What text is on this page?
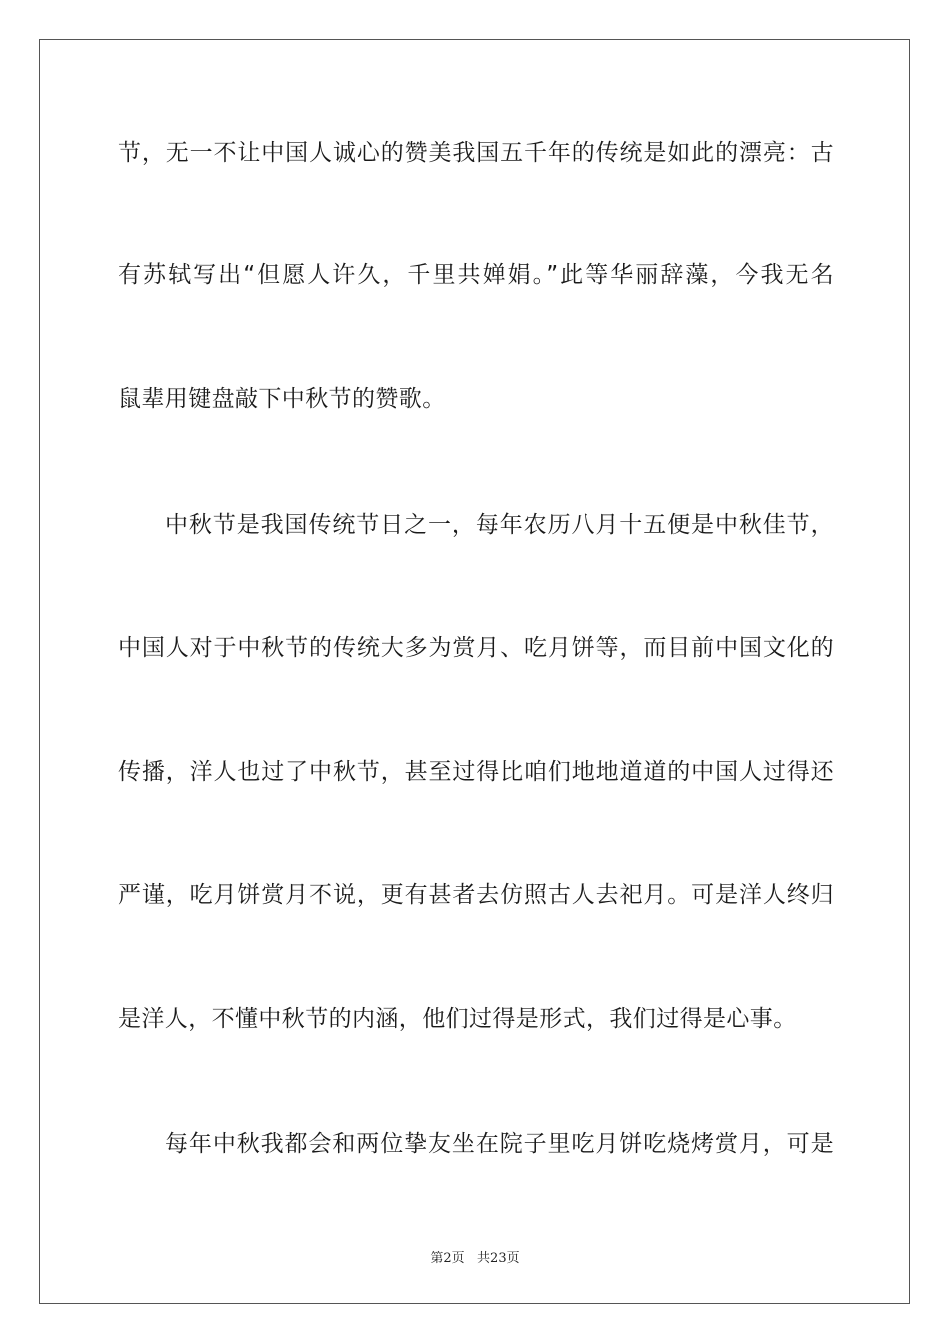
节，无一不让中国人诚心的赞美我国五千年的传统是如此的漂亮：古
有苏轼写出“但愿人许久，千里共婵娟。”此等华丽辞藻，今我无名
鼠辈用键盘敲下中秋节的赞歌。
中秋节是我国传统节日之一，每年农历八月十五便是中秋佳节，
中国人对于中秋节的传统大多为赏月、吃月饼等，而目前中国文化的
传播，洋人也过了中秋节，甚至过得比咱们地地道道的中国人过得还
严谨，吃月饼赏月不说，更有甚者去仿照古人去祀月。可是洋人终归
是洋人，不懂中秋节的内涵，他们过得是形式，我们过得是心事。
每年中秋我都会和两位挚友坐在院子里吃月饼吃烧烤赏月，可是
第2页   共23页
